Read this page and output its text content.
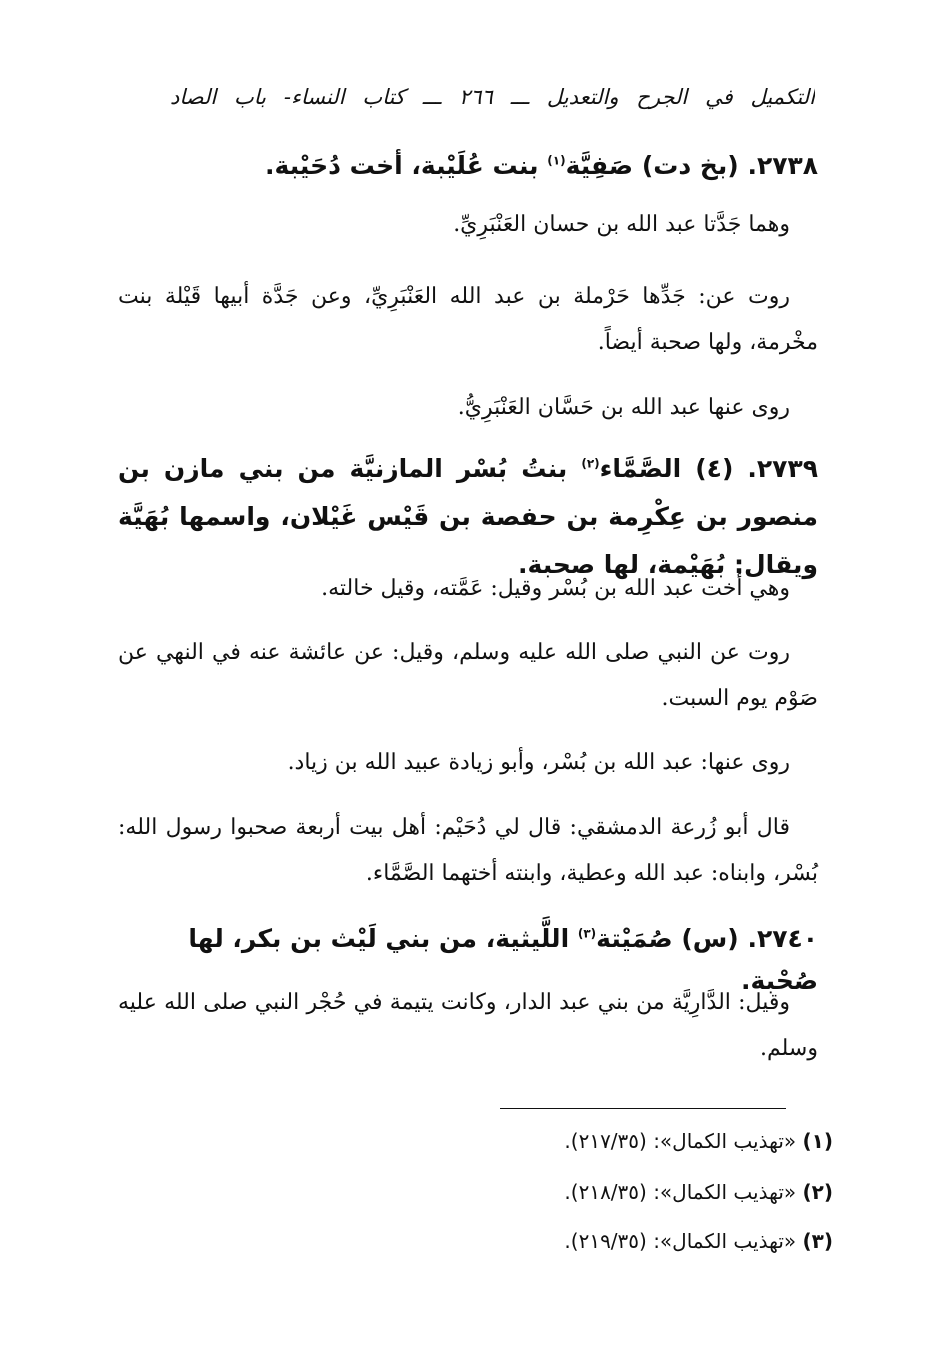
التكميل في الجرح والتعديل ـــ ٢٦٦ ـــ كتاب النساء- باب الصاد
٢٧٣٨. (بخ دت) صَفِيَّة$^{(١)}$ بنت عُلَيْبة، أخت دُحَيْبة.
وهما جَدَّتا عبد الله بن حسان العَنْبَرِيِّ.
روت عن: جَدِّها حَرْملة بن عبد الله العَنْبَرِيِّ، وعن جَدَّة أبيها قَيْلة بنت مخْرمة، ولها صحبة أيضاً.
روى عنها عبد الله بن حَسَّان العَنْبَرِيُّ.
٢٧٣٩. (٤) الصَّمَّاء$^{(٢)}$ بنتُ بُسْر المازنيَّة من بني مازن بن منصور بن عِكْرِمة بن حفصة بن قَيْس غَيْلان، واسمها بُهَيَّة ويقال: بُهَيْمة، لها صحبة.
وهي أخت عبد الله بن بُسْر وقيل: عَمَّته، وقيل خالته.
روت عن النبي صلى الله عليه وسلم، وقيل: عن عائشة عنه في النهي عن صَوْم يوم السبت.
روى عنها: عبد الله بن بُسْر، وأبو زيادة عبيد الله بن زياد.
قال أبو زُرعة الدمشقي: قال لي دُحَيْم: أهل بيت أربعة صحبوا رسول الله: بُسْر، وابناه: عبد الله وعطية، وابنته أختهما الصَّمَّاء.
٢٧٤٠. (س) صُمَيْتة$^{(٣)}$ اللَّيثية، من بني لَيْث بن بكر، لها صُحْبة.
وقيل: الدَّارِيَّة من بني عبد الدار، وكانت يتيمة في حُجْر النبي صلى الله عليه وسلم.
(١) «تهذيب الكمال»: (٢١٧/٣٥).
(٢) «تهذيب الكمال»: (٢١٨/٣٥).
(٣) «تهذيب الكمال»: (٢١٩/٣٥).
